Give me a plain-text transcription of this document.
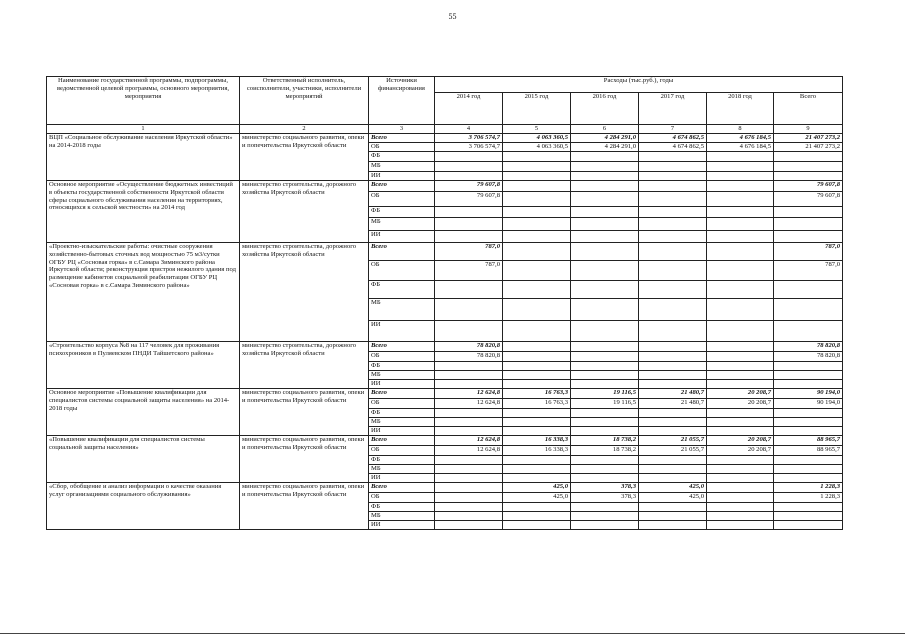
55
Наименование государственной программы, подпрограммы, ведомственной целевой программы, основного мероприятия, мероприятия	Ответственный исполнитель, соисполнители, участники, исполнители мероприятий	Источники финансирования	Расходы (тыс.руб.), годы					
			2014 год	2015 год	2016 год	2017 год	2018 год	Всего
1	2	3	4	5	6	7	8	9
ВЦП «Социальное обслуживание населения Иркутской области» на 2014-2018 годы	министерство социального развития, опеки и попечительства Иркутской области	Всего	3 706 574,7	4 063 360,5	4 284 291,0	4 674 862,5	4 676 184,5	21 407 273,2
		ОБ	3 706 574,7	4 063 360,5	4 284 291,0	4 674 862,5	4 676 184,5	21 407 273,2
		ФБ						
		МБ						
		ИИ						
Основное мероприятие «Осуществление бюджетных инвестиций в объекты государственной собственности Иркутской области сферы социального обслуживания населения на территориях, относящихся к сельской местности» на 2014 год	министерство строительства, дорожного хозяйства Иркутской области	Всего	79 607,8					79 607,8
		ОБ	79 607,8					79 607,8
		ФБ						
		МБ						
		ИИ						
«Проектно-изыскательские работы: очистные сооружения хозяйственно-бытовых сточных вод мощностью 75 м3/сутки ОГБУ РЦ «Сосновая горка» в с.Самара Зиминского района Иркутской области; реконструкция пристроя нежилого здания под размещение кабинетов социальной реабилитации ОГБУ РЦ «Сосновая горка» в с.Самара Зиминского района»	министерство строительства, дорожного хозяйства Иркутской области	Всего	787,0					787,0
		ОБ	787,0					787,0
		ФБ						
		МБ						
		ИИ						
«Строительство корпуса №8 на 117 человек для проживания психохроников в Пуляевском ПНДИ Тайшетского района»	министерство строительства, дорожного хозяйства Иркутской области	Всего	78 820,8					78 820,8
		ОБ	78 820,8					78 820,8
		ФБ						
		МБ						
		ИИ						
Основное мероприятие «Повышение квалификации для специалистов системы социальной защиты населения» на 2014-2018 годы	министерство социального развития, опеки и попечительства Иркутской области	Всего	12 624,8	16 763,3	19 116,5	21 480,7	20 208,7	90 194,0
		ОБ	12 624,8	16 763,3	19 116,5	21 480,7	20 208,7	90 194,0
		ФБ						
		МБ						
		ИИ						
«Повышение квалификации для специалистов системы социальной защиты населения»	министерство социального развития, опеки и попечительства Иркутской области	Всего	12 624,8	16 338,3	18 738,2	21 055,7	20 208,7	88 965,7
		ОБ	12 624,8	16 338,3	18 738,2	21 055,7	20 208,7	88 965,7
		ФБ						
		МБ						
		ИИ						
«Сбор, обобщение и анализ информации о качестве оказания услуг организациями социального обслуживания»	министерство социального развития, опеки и попечительства Иркутской области	Всего		425,0	378,3	425,0		1 228,3
		ОБ		425,0	378,3	425,0		1 228,3
		ФБ						
		МБ						
		ИИ						
